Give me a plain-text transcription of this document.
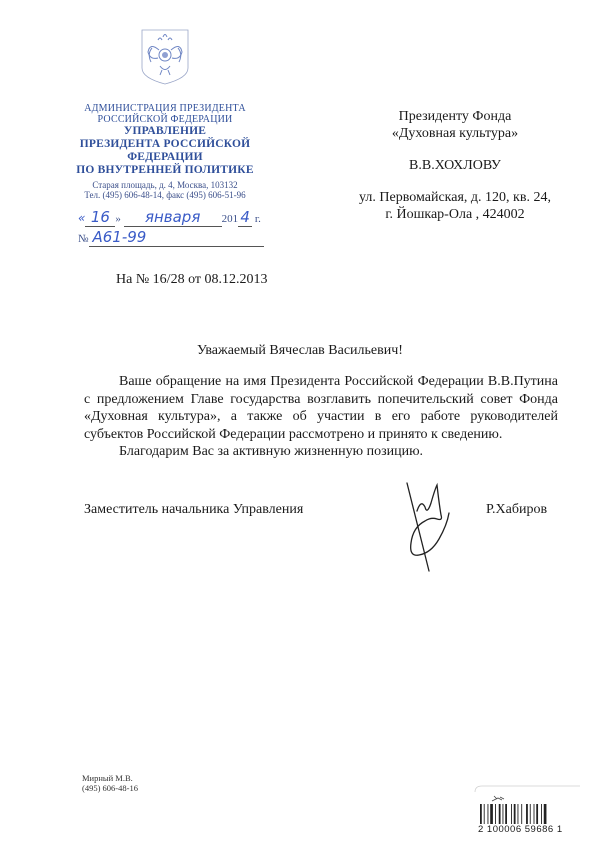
АДМИНИСТРАЦИЯ ПРЕЗИДЕНТА
РОССИЙСКОЙ ФЕДЕРАЦИИ
УПРАВЛЕНИЕ
ПРЕЗИДЕНТА РОССИЙСКОЙ ФЕДЕРАЦИИ
ПО ВНУТРЕННЕЙ ПОЛИТИКЕ
Старая площадь, д. 4, Москва, 103132
Тел. (495) 606-48-14, факс (495) 606-51-96
« 16 » января 201 4 г.
№ А61-99
Президенту Фонда
«Духовная культура»
В.В.ХОХЛОВУ
ул. Первомайская, д. 120, кв. 24,
г. Йошкар-Ола , 424002
На № 16/28 от 08.12.2013
Уважаемый Вячеслав Васильевич!

Ваше обращение на имя Президента Российской Федерации В.В.Путина с предложением Главе государства возглавить попечительский совет Фонда «Духовная культура», а также об участии в его работе руководителей субъектов Российской Федерации рассмотрено и принято к сведению.

Благодарим Вас за активную жизненную позицию.

Заместитель начальника Управления	Р.Хабиров
Мирный М.В.
(495) 606-48-16
2 100006 59686 1
